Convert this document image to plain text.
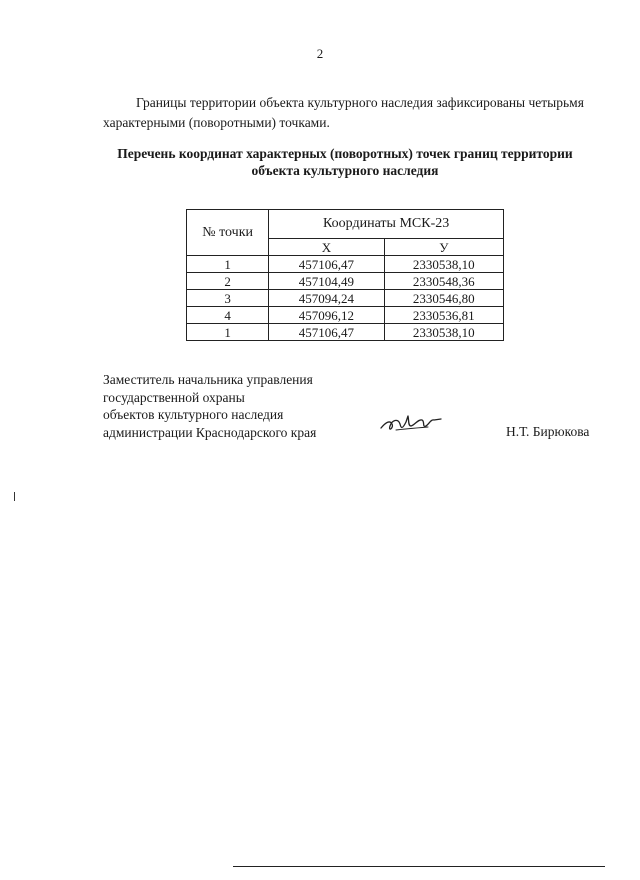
2

Границы территории объекта культурного наследия зафиксированы четырьмя характерными (поворотными) точками.

Перечень координат характерных (поворотных) точек границ территории
объекта культурного наследия
№ точки	Координаты МСК-23	
	X	У
1	457106,47	2330538,10
2	457104,49	2330548,36
3	457094,24	2330546,80
4	457096,12	2330536,81
1	457106,47	2330538,10
Заместитель начальника управления
государственной охраны
объектов культурного наследия
администрации Краснодарского края	Н.Т. Бирюкова
